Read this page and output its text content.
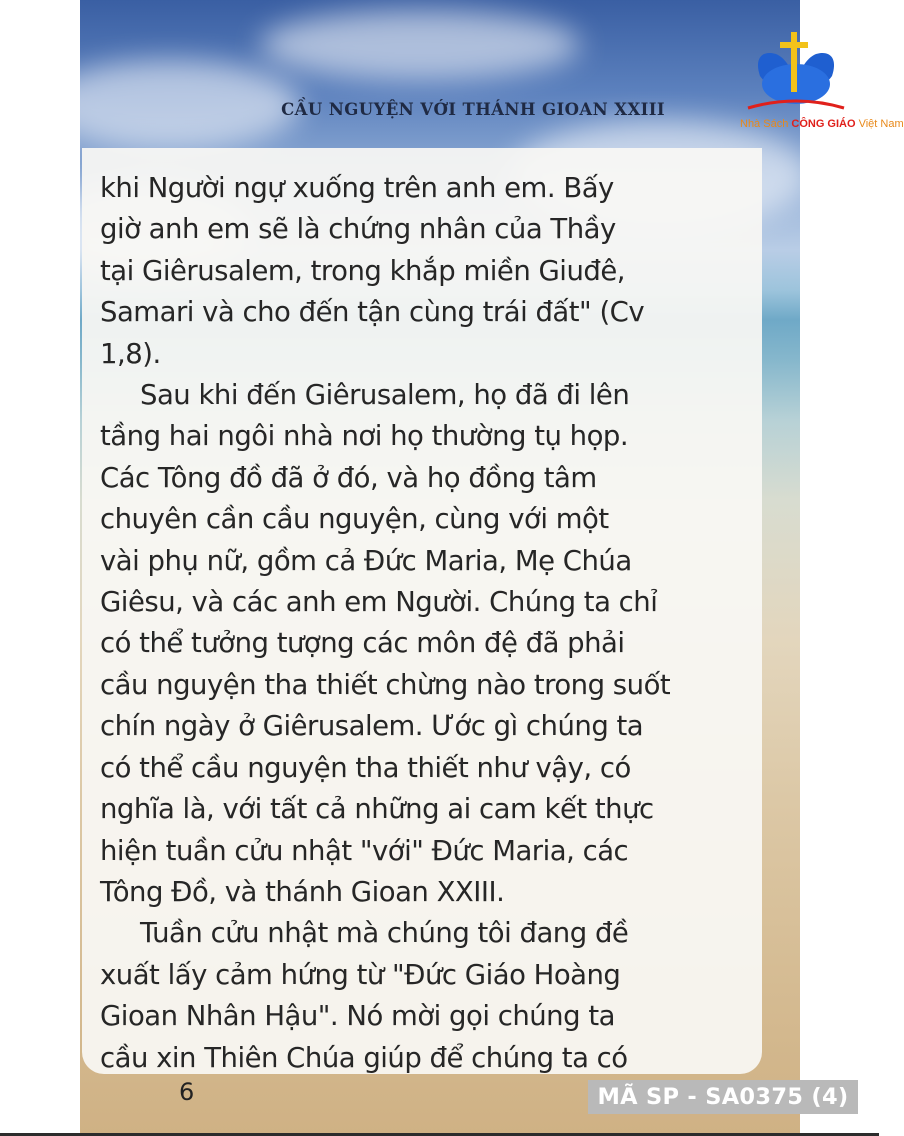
CẦU NGUYỆN VỚI THÁNH GIOAN XXIII
Nhà Sách CÔNG GIÁO Việt Nam

khi Người ngự xuống trên anh em. Bấy
giờ anh em sẽ là chứng nhân của Thầy
tại Giêrusalem, trong khắp miền Giuđê,
Samari và cho đến tận cùng trái đất" (Cv
1,8).

Sau khi đến Giêrusalem, họ đã đi lên
tầng hai ngôi nhà nơi họ thường tụ họp.
Các Tông đồ đã ở đó, và họ đồng tâm
chuyên cần cầu nguyện, cùng với một
vài phụ nữ, gồm cả Đức Maria, Mẹ Chúa
Giêsu, và các anh em Người. Chúng ta chỉ
có thể tưởng tượng các môn đệ đã phải
cầu nguyện tha thiết chừng nào trong suốt
chín ngày ở Giêrusalem. Ước gì chúng ta
có thể cầu nguyện tha thiết như vậy, có
nghĩa là, với tất cả những ai cam kết thực
hiện tuần cửu nhật "với" Đức Maria, các
Tông Đồ, và thánh Gioan XXIII.

Tuần cửu nhật mà chúng tôi đang đề
xuất lấy cảm hứng từ "Đức Giáo Hoàng
Gioan Nhân Hậu". Nó mời gọi chúng ta
cầu xin Thiên Chúa giúp để chúng ta có

6	MÃ SP - SA0375 (4)
